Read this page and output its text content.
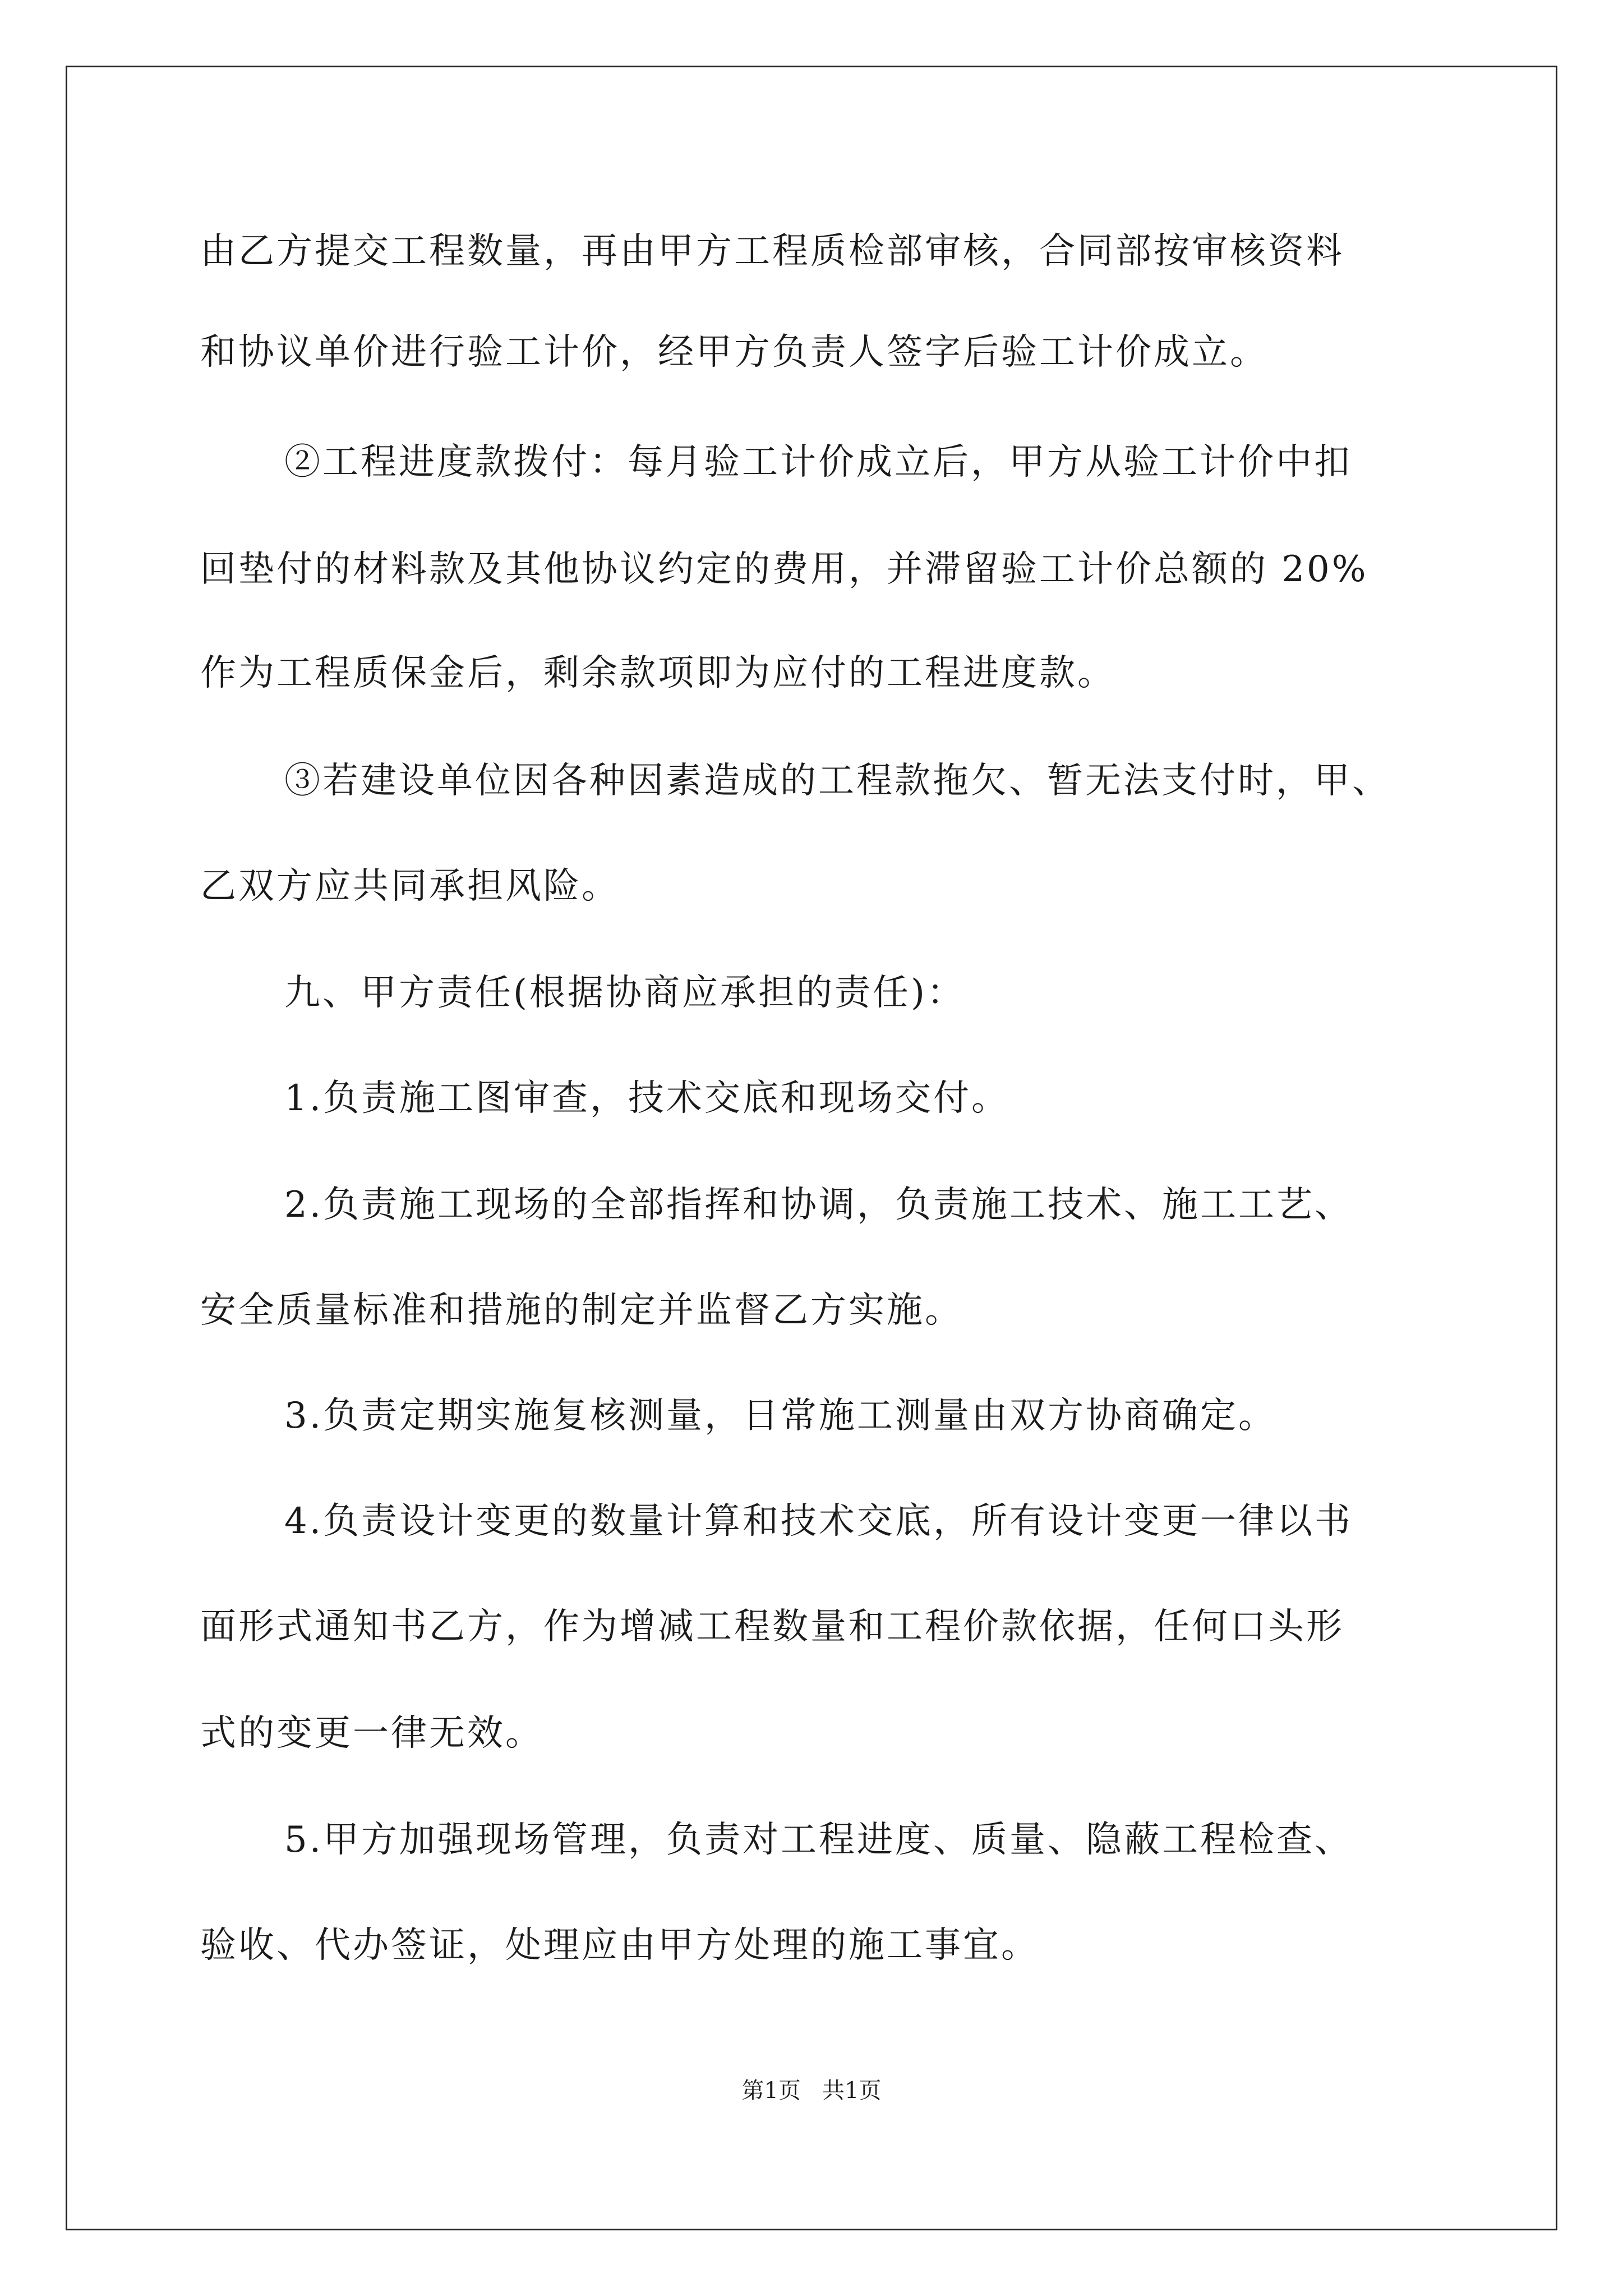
由乙方提交工程数量，再由甲方工程质检部审核，合同部按审核资料
和协议单价进行验工计价，经甲方负责人签字后验工计价成立。
②工程进度款拨付：每月验工计价成立后，甲方从验工计价中扣
回垫付的材料款及其他协议约定的费用，并滞留验工计价总额的 20%
作为工程质保金后，剩余款项即为应付的工程进度款。
③若建设单位因各种因素造成的工程款拖欠、暂无法支付时，甲、
乙双方应共同承担风险。
九、甲方责任(根据协商应承担的责任)：
1.负责施工图审查，技术交底和现场交付。
2.负责施工现场的全部指挥和协调，负责施工技术、施工工艺、
安全质量标准和措施的制定并监督乙方实施。
3.负责定期实施复核测量，日常施工测量由双方协商确定。
4.负责设计变更的数量计算和技术交底，所有设计变更一律以书
面形式通知书乙方，作为增减工程数量和工程价款依据，任何口头形
式的变更一律无效。
5.甲方加强现场管理，负责对工程进度、质量、隐蔽工程检查、
验收、代办签证，处理应由甲方处理的施工事宜。
第1页   共1页
